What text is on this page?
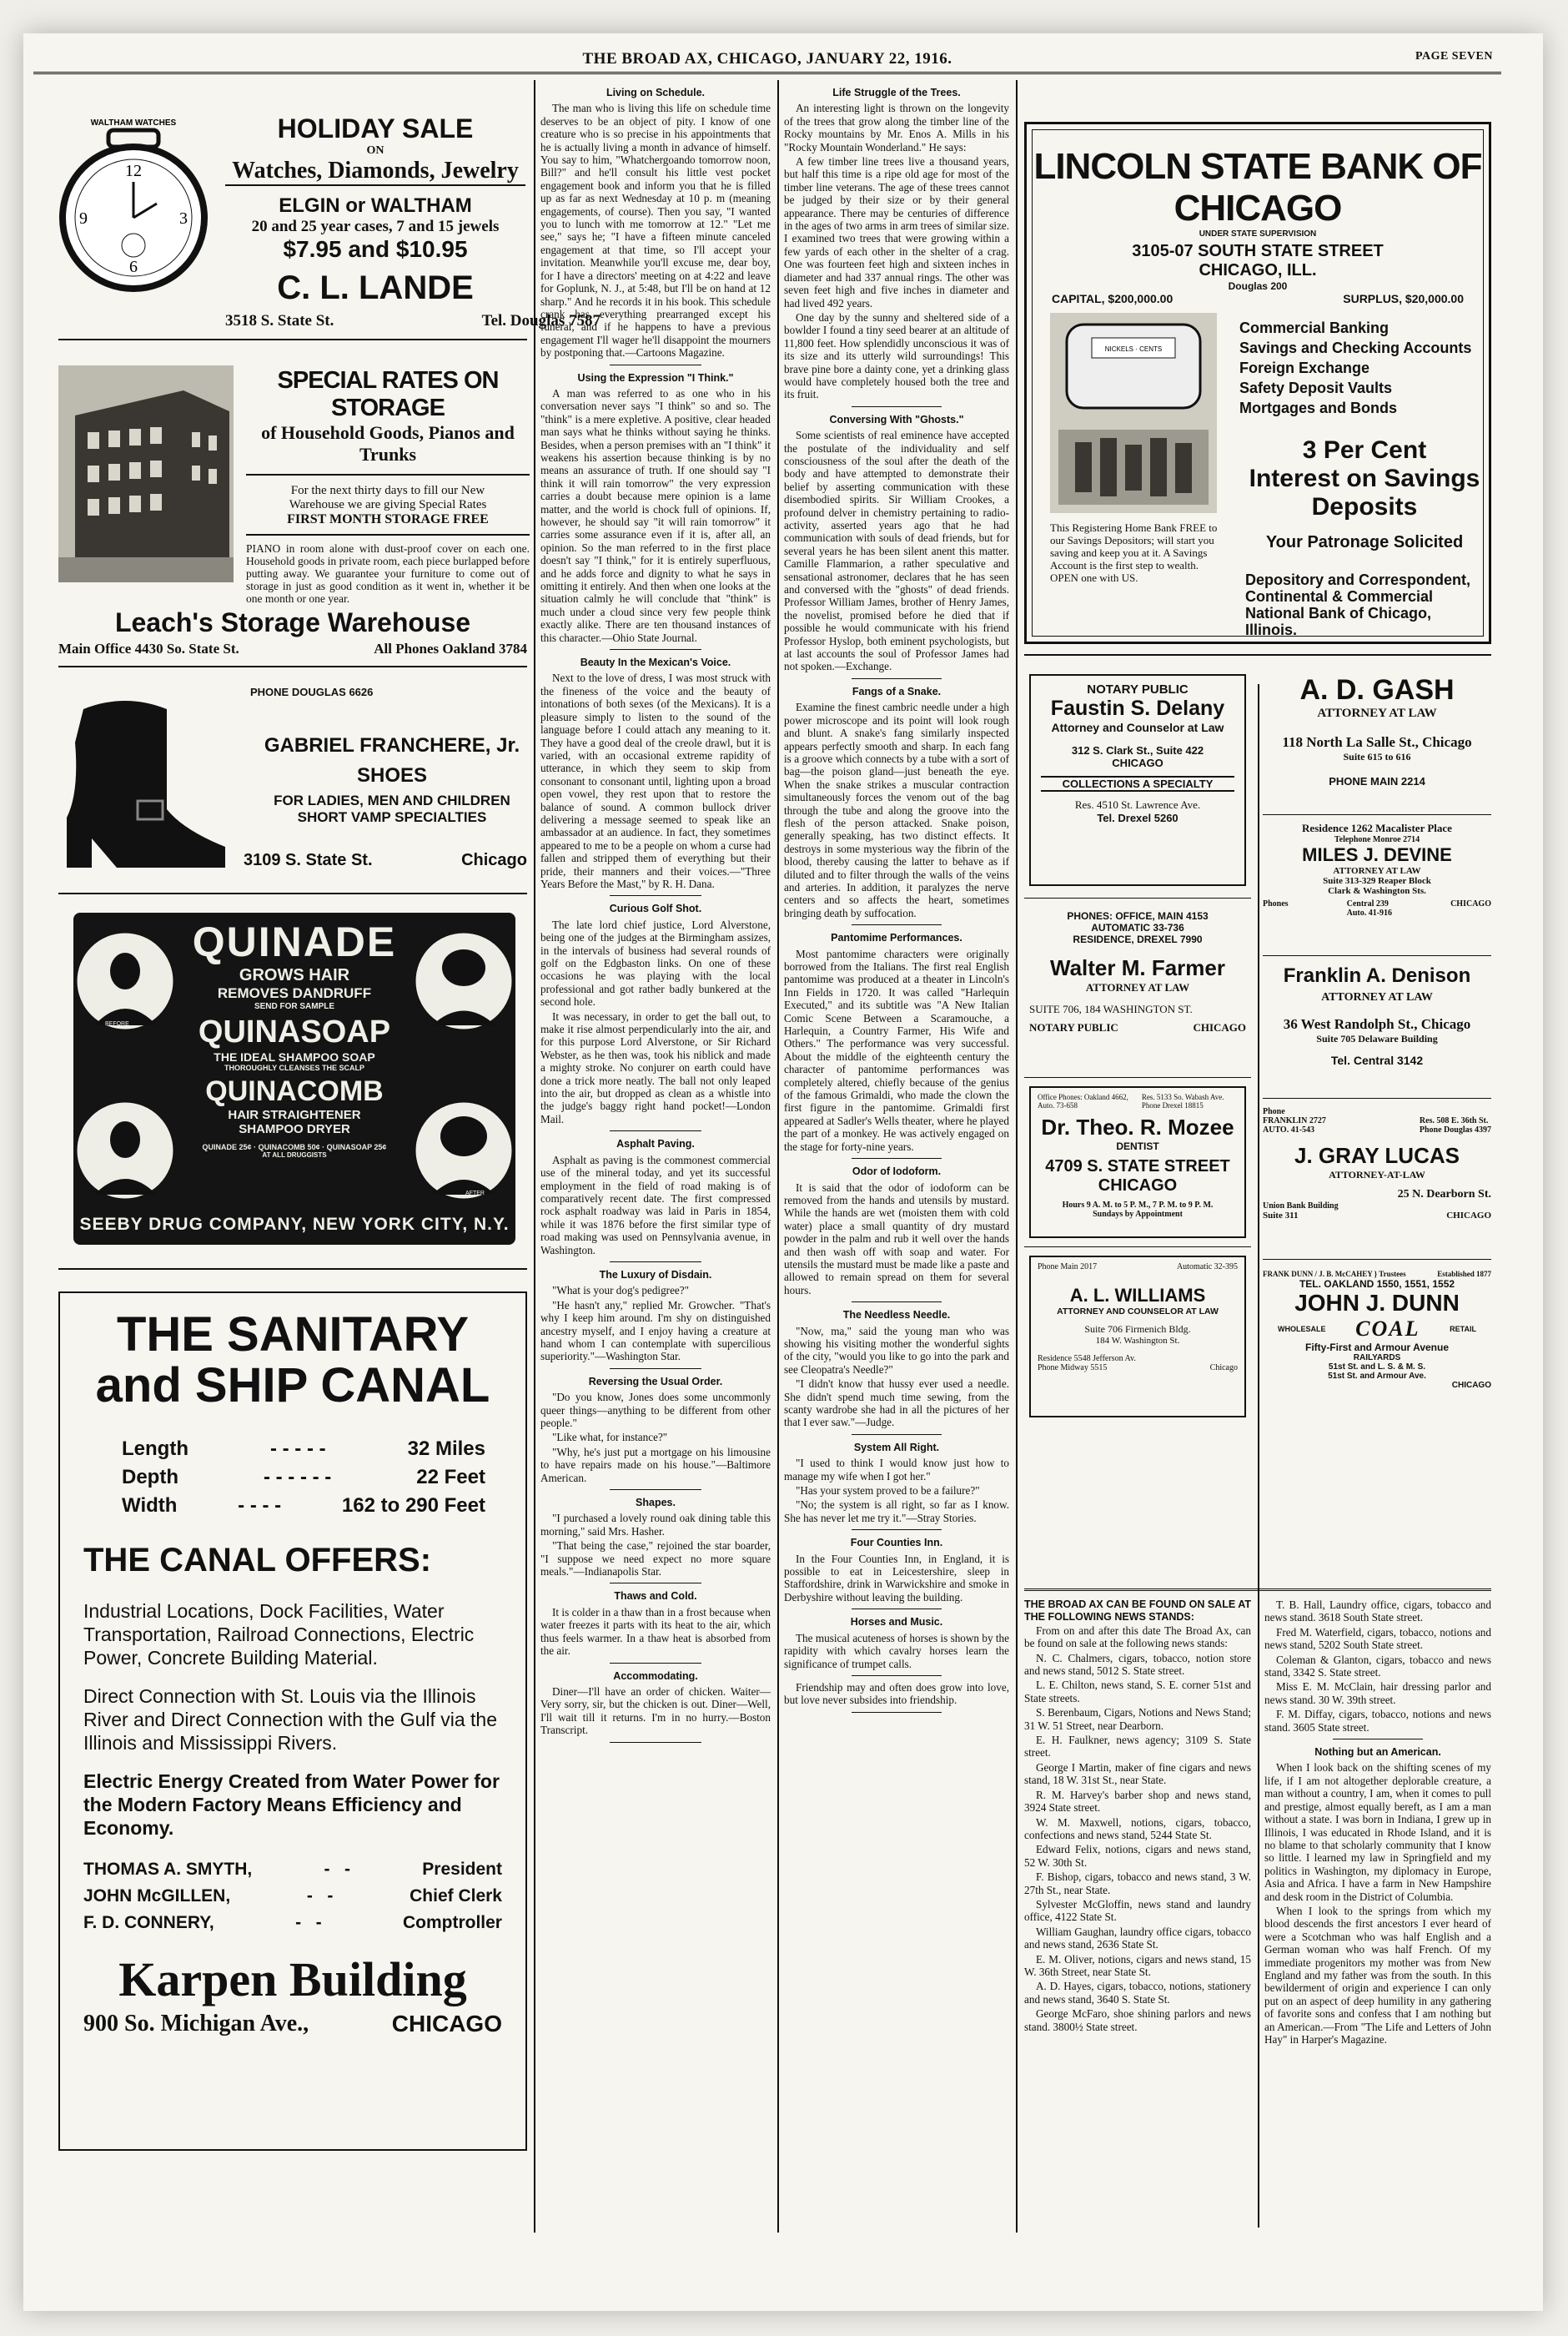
THE BROAD AX, CHICAGO, JANUARY 22, 1916.	PAGE SEVEN
WALTHAM WATCHES
12
3
6
9
HOLIDAY SALE
ON
Watches, Diamonds, Jewelry
ELGIN or WALTHAM
20 and 25 year cases, 7 and 15 jewels
$7.95 and $10.95
C. L. LANDE
3518 S. State St.	Tel. Douglas 7587
SPECIAL RATES ON STORAGE
of Household Goods, Pianos and Trunks
For the next thirty days to fill our New
Warehouse we are giving Special Rates
FIRST MONTH STORAGE FREE
PIANO in room alone with dust-proof cover on each one. Household goods in private room, each piece burlapped before putting away. We guarantee your furniture to come out of storage in just as good condition as it went in, whether it be one month or one year.
Leach's Storage Warehouse
Main Office 4430 So. State St.	All Phones Oakland 3784
PHONE DOUGLAS 6626
GABRIEL FRANCHERE, Jr.
SHOES
FOR LADIES, MEN AND CHILDREN
SHORT VAMP SPECIALTIES
3109 S. State St.	Chicago
BEFORE
AFTER
QUINADE
GROWS HAIR
REMOVES DANDRUFF
SEND FOR SAMPLE
QUINASOAP
THE IDEAL SHAMPOO SOAP
THOROUGHLY CLEANSES THE SCALP
QUINACOMB
HAIR STRAIGHTENER
SHAMPOO DRYER
QUINADE 25¢ · QUINACOMB 50¢ · QUINASOAP 25¢
AT ALL DRUGGISTS
SEEBY DRUG COMPANY, NEW YORK CITY, N.Y.
THE SANITARY
and SHIP CANAL
Length	- - - - -	32 Miles
Depth	- - - - - -	22 Feet
Width	- - - -	162 to 290 Feet
THE CANAL OFFERS:
Industrial Locations, Dock Facilities, Water Transportation, Railroad Connections, Electric Power, Concrete Building Material.
Direct Connection with St. Louis via the Illinois River and Direct Connection with the Gulf via the Illinois and Mississippi Rivers.
Electric Energy Created from Water Power for the Modern Factory Means Efficiency and Economy.
THOMAS A. SMYTH,	-   -	President
JOHN McGILLEN,	-   -	Chief Clerk
F. D. CONNERY,	-   -	Comptroller
Karpen Building
900 So. Michigan Ave.,	CHICAGO
Living on Schedule.

The man who is living this life on schedule time deserves to be an object of pity. I know of one creature who is so precise in his appointments that he is actually living a month in advance of himself. You say to him, "Whatchergoando tomorrow noon, Bill?" and he'll consult his little vest pocket engagement book and inform you that he is filled up as far as next Wednesday at 10 p. m (meaning engagements, of course). Then you say, "I wanted you to lunch with me tomorrow at 12." "Let me see," says he; "I have a fifteen minute canceled engagement at that time, so I'll accept your invitation. Meanwhile you'll excuse me, dear boy, for I have a directors' meeting on at 4:22 and leave for Goplunk, N. J., at 5:48, but I'll be on hand at 12 sharp." And he records it in his book. This schedule crank has everything prearranged except his funeral, and if he happens to have a previous engagement I'll wager he'll disappoint the mourners by postponing that.—Cartoons Magazine.

Using the Expression "I Think."

A man was referred to as one who in his conversation never says "I think" so and so. The "think" is a mere expletive. A positive, clear headed man says what he thinks without saying he thinks. Besides, when a person premises with an "I think" it weakens his assertion because thinking is by no means an assurance of truth. If one should say "I think it will rain tomorrow" the very expression carries a doubt because mere opinion is a lame matter, and the world is chock full of opinions. If, however, he should say "it will rain tomorrow" it carries some assurance even if it is, after all, an opinion. So the man referred to in the first place doesn't say "I think," for it is entirely superfluous, and he adds force and dignity to what he says in omitting it entirely. And then when one looks at the situation calmly he will conclude that "think" is much under a cloud since very few people think exactly alike. There are ten thousand instances of this character.—Ohio State Journal.

Beauty In the Mexican's Voice.

Next to the love of dress, I was most struck with the fineness of the voice and the beauty of intonations of both sexes (of the Mexicans). It is a pleasure simply to listen to the sound of the language before I could attach any meaning to it. They have a good deal of the creole drawl, but it is varied, with an occasional extreme rapidity of utterance, in which they seem to skip from consonant to consonant until, lighting upon a broad open vowel, they rest upon that to restore the balance of sound. A common bullock driver delivering a message seemed to speak like an ambassador at an audience. In fact, they sometimes appeared to me to be a people on whom a curse had fallen and stripped them of everything but their pride, their manners and their voices.—"Three Years Before the Mast," by R. H. Dana.

Curious Golf Shot.

The late lord chief justice, Lord Alverstone, being one of the judges at the Birmingham assizes, in the intervals of business had several rounds of golf on the Edgbaston links. On one of these occasions he was playing with the local professional and got rather badly bunkered at the second hole.

It was necessary, in order to get the ball out, to make it rise almost perpendicularly into the air, and for this purpose Lord Alverstone, or Sir Richard Webster, as he then was, took his niblick and made a mighty stroke. No conjurer on earth could have done a trick more neatly. The ball not only leaped into the air, but dropped as clean as a whistle into the judge's baggy right hand pocket!—London Mail.

Asphalt Paving.

Asphalt as paving is the commonest commercial use of the mineral today, and yet its successful employment in the field of road making is of comparatively recent date. The first compressed rock asphalt roadway was laid in Paris in 1854, while it was 1876 before the first similar type of road making was used on Pennsylvania avenue, in Washington.

The Luxury of Disdain.

"What is your dog's pedigree?"

"He hasn't any," replied Mr. Growcher. "That's why I keep him around. I'm shy on distinguished ancestry myself, and I enjoy having a creature at hand whom I can contemplate with supercilious superiority."—Washington Star.

Reversing the Usual Order.

"Do you know, Jones does some uncommonly queer things—anything to be different from other people."

"Like what, for instance?"

"Why, he's just put a mortgage on his limousine to have repairs made on his house."—Baltimore American.

Shapes.

"I purchased a lovely round oak dining table this morning," said Mrs. Hasher.

"That being the case," rejoined the star boarder, "I suppose we need expect no more square meals."—Indianapolis Star.

Thaws and Cold.

It is colder in a thaw than in a frost because when water freezes it parts with its heat to the air, which thus feels warmer. In a thaw heat is absorbed from the air.

Accommodating.

Diner—I'll have an order of chicken. Waiter—Very sorry, sir, but the chicken is out. Diner—Well, I'll wait till it returns. I'm in no hurry.—Boston Transcript.

Life Struggle of the Trees.

An interesting light is thrown on the longevity of the trees that grow along the timber line of the Rocky mountains by Mr. Enos A. Mills in his "Rocky Mountain Wonderland." He says:

A few timber line trees live a thousand years, but half this time is a ripe old age for most of the timber line veterans. The age of these trees cannot be judged by their size or by their general appearance. There may be centuries of difference in the ages of two arms in arm trees of similar size. I examined two trees that were growing within a few yards of each other in the shelter of a crag. One was fourteen feet high and sixteen inches in diameter and had 337 annual rings. The other was seven feet high and five inches in diameter and had lived 492 years.

One day by the sunny and sheltered side of a bowlder I found a tiny seed bearer at an altitude of 11,800 feet. How splendidly unconscious it was of its size and its utterly wild surroundings! This brave pine bore a dainty cone, yet a drinking glass would have completely housed both the tree and its fruit.

Conversing With "Ghosts."

Some scientists of real eminence have accepted the postulate of the individuality and self consciousness of the soul after the death of the body and have attempted to demonstrate their belief by asserting communication with these disembodied spirits. Sir William Crookes, a profound delver in chemistry pertaining to radio-activity, asserted years ago that he had communication with souls of dead friends, but for several years he has been silent anent this matter. Camille Flammarion, a rather speculative and sensational astronomer, declares that he has seen and conversed with the "ghosts" of dead friends. Professor William James, brother of Henry James, the novelist, promised before he died that if possible he would communicate with his friend Professor Hyslop, both eminent psychologists, but at last accounts the soul of Professor James had not spoken.—Exchange.

Fangs of a Snake.

Examine the finest cambric needle under a high power microscope and its point will look rough and blunt. A snake's fang similarly inspected appears perfectly smooth and sharp. In each fang is a groove which connects by a tube with a sort of bag—the poison gland—just beneath the eye. When the snake strikes a muscular contraction simultaneously forces the venom out of the bag through the tube and along the groove into the flesh of the person attacked. Snake poison, generally speaking, has two distinct effects. It destroys in some mysterious way the fibrin of the blood, thereby causing the latter to behave as if diluted and to filter through the walls of the veins and arteries. In addition, it paralyzes the nerve centers and so affects the heart, sometimes bringing death by suffocation.

Pantomime Performances.

Most pantomime characters were originally borrowed from the Italians. The first real English pantomime was produced at a theater in Lincoln's Inn Fields in 1720. It was called "Harlequin Executed," and its subtitle was "A New Italian Comic Scene Between a Scaramouche, a Harlequin, a Country Farmer, His Wife and Others." The performance was very successful. About the middle of the eighteenth century the character of pantomime performances was completely altered, chiefly because of the genius of the famous Grimaldi, who made the clown the first figure in the pantomime. Grimaldi first appeared at Sadler's Wells theater, where he played the part of a monkey. He was actively engaged on the stage for forty-nine years.

Odor of Iodoform.

It is said that the odor of iodoform can be removed from the hands and utensils by mustard. While the hands are wet (moisten them with cold water) place a small quantity of dry mustard powder in the palm and rub it well over the hands and then wash off with soap and water. For utensils the mustard must be made like a paste and allowed to remain spread on them for several hours.

The Needless Needle.

"Now, ma," said the young man who was showing his visiting mother the wonderful sights of the city, "would you like to go into the park and see Cleopatra's Needle?"

"I didn't know that hussy ever used a needle. She didn't spend much time sewing, from the scanty wardrobe she had in all the pictures of her that I ever saw."—Judge.

System All Right.

"I used to think I would know just how to manage my wife when I got her."

"Has your system proved to be a failure?"

"No; the system is all right, so far as I know. She has never let me try it."—Stray Stories.

Four Counties Inn.

In the Four Counties Inn, in England, it is possible to eat in Leicestershire, sleep in Staffordshire, drink in Warwickshire and smoke in Derbyshire without leaving the building.

Horses and Music.

The musical acuteness of horses is shown by the rapidity with which cavalry horses learn the significance of trumpet calls.

Friendship may and often does grow into love, but love never subsides into friendship.

LINCOLN STATE BANK OF CHICAGO
UNDER STATE SUPERVISION
3105-07 SOUTH STATE STREET
CHICAGO, ILL.
Douglas 200
CAPITAL, $200,000.00	SURPLUS, $20,000.00
NICKELS · CENTS
This Registering Home Bank FREE to our Savings Depositors; will start you saving and keep you at it. A Savings Account is the first step to wealth. OPEN one with US.
Commercial Banking
Savings and Checking Accounts
Foreign Exchange
Safety Deposit Vaults
Mortgages and Bonds
3 Per Cent
Interest on Savings
Deposits
Your Patronage Solicited
Depository and Correspondent, Continental & Commercial National Bank of Chicago, Illinois.
NOTARY PUBLIC
Faustin S. Delany
Attorney and Counselor at Law
312 S. Clark St., Suite 422
CHICAGO
COLLECTIONS A SPECIALTY
Res. 4510 St. Lawrence Ave.
Tel. Drexel 5260
PHONES: OFFICE, MAIN 4153
AUTOMATIC 33-736
RESIDENCE, DREXEL 7990
Walter M. Farmer
ATTORNEY AT LAW
SUITE 706, 184 WASHINGTON ST.
NOTARY PUBLIC	CHICAGO
Office Phones: Oakland 4662, Auto. 73-658
Res. 5133 So. Wabash Ave. Phone Drexel 18815
Dr. Theo. R. Mozee
DENTIST
4709 S. STATE STREET
CHICAGO
Hours 9 A. M. to 5 P. M., 7 P. M. to 9 P. M.
Sundays by Appointment
Phone Main 2017	Automatic 32-395
A. L. WILLIAMS
ATTORNEY AND COUNSELOR AT LAW
Suite 706 Firmenich Bldg.
184 W. Washington St.
Residence 5548 Jefferson Av.
Phone Midway 5515	Chicago
A. D. GASH
ATTORNEY AT LAW
118 North La Salle St., Chicago
Suite 615 to 616
PHONE MAIN 2214
Residence 1262 Macalister Place
Telephone Monroe 2714
MILES J. DEVINE
ATTORNEY AT LAW
Suite 313-329 Reaper Block
Clark & Washington Sts.
Phones	Central 239
Auto. 41-916
CHICAGO
Franklin A. Denison
ATTORNEY AT LAW
36 West Randolph St., Chicago
Suite 705 Delaware Building
Tel. Central 3142
Phone
FRANKLIN 2727
AUTO. 41-543

Res. 508 E. 36th St.
Phone Douglas 4397
J. GRAY LUCAS
ATTORNEY-AT-LAW
25 N. Dearborn St.
Union Bank Building
Suite 311	CHICAGO
FRANK DUNN / J. B. McCAHEY } Trustees	Established 1877
TEL. OAKLAND 1550, 1551, 1552
JOHN J. DUNN
WHOLESALE COAL	RETAIL
Fifty-First and Armour Avenue
RAILYARDS
51st St. and L. S. & M. S.
51st St. and Armour Ave.
CHICAGO
THE BROAD AX CAN BE FOUND ON SALE AT THE FOLLOWING NEWS STANDS:

From on and after this date The Broad Ax, can be found on sale at the following news stands:

N. C. Chalmers, cigars, tobacco, notion store and news stand, 5012 S. State street.

L. E. Chilton, news stand, S. E. corner 51st and State streets.

S. Berenbaum, Cigars, Notions and News Stand; 31 W. 51 Street, near Dearborn.

E. H. Faulkner, news agency; 3109 S. State street.

George I Martin, maker of fine cigars and news stand, 18 W. 31st St., near State.

R. M. Harvey's barber shop and news stand, 3924 State street.

W. M. Maxwell, notions, cigars, tobacco, confections and news stand, 5244 State St.

Edward Felix, notions, cigars and news stand, 52 W. 30th St.

F. Bishop, cigars, tobacco and news stand, 3 W. 27th St., near State.

Sylvester McGloffin, news stand and laundry office, 4122 State St.

William Gaughan, laundry office cigars, tobacco and news stand, 2636 State St.

E. M. Oliver, notions, cigars and news stand, 15 W. 36th Street, near State St.

A. D. Hayes, cigars, tobacco, notions, stationery and news stand, 3640 S. State St.

George McFaro, shoe shining parlors and news stand. 3800½ State street.

T. B. Hall, Laundry office, cigars, tobacco and news stand. 3618 South State street.

Fred M. Waterfield, cigars, tobacco, notions and news stand, 5202 South State street.

Coleman & Glanton, cigars, tobacco and news stand, 3342 S. State street.

Miss E. M. McClain, hair dressing parlor and news stand. 30 W. 39th street.

F. M. Diffay, cigars, tobacco, notions and news stand. 3605 State street.

Nothing but an American.

When I look back on the shifting scenes of my life, if I am not altogether deplorable creature, a man without a country, I am, when it comes to pull and prestige, almost equally bereft, as I am a man without a state. I was born in Indiana, I grew up in Illinois, I was educated in Rhode Island, and it is no blame to that scholarly community that I know so little. I learned my law in Springfield and my politics in Washington, my diplomacy in Europe, Asia and Africa. I have a farm in New Hampshire and desk room in the District of Columbia.

When I look to the springs from which my blood descends the first ancestors I ever heard of were a Scotchman who was half English and a German woman who was half French. Of my immediate progenitors my mother was from New England and my father was from the south. In this bewilderment of origin and experience I can only put on an aspect of deep humility in any gathering of favorite sons and confess that I am nothing but an American.—From "The Life and Letters of John Hay" in Harper's Magazine.
